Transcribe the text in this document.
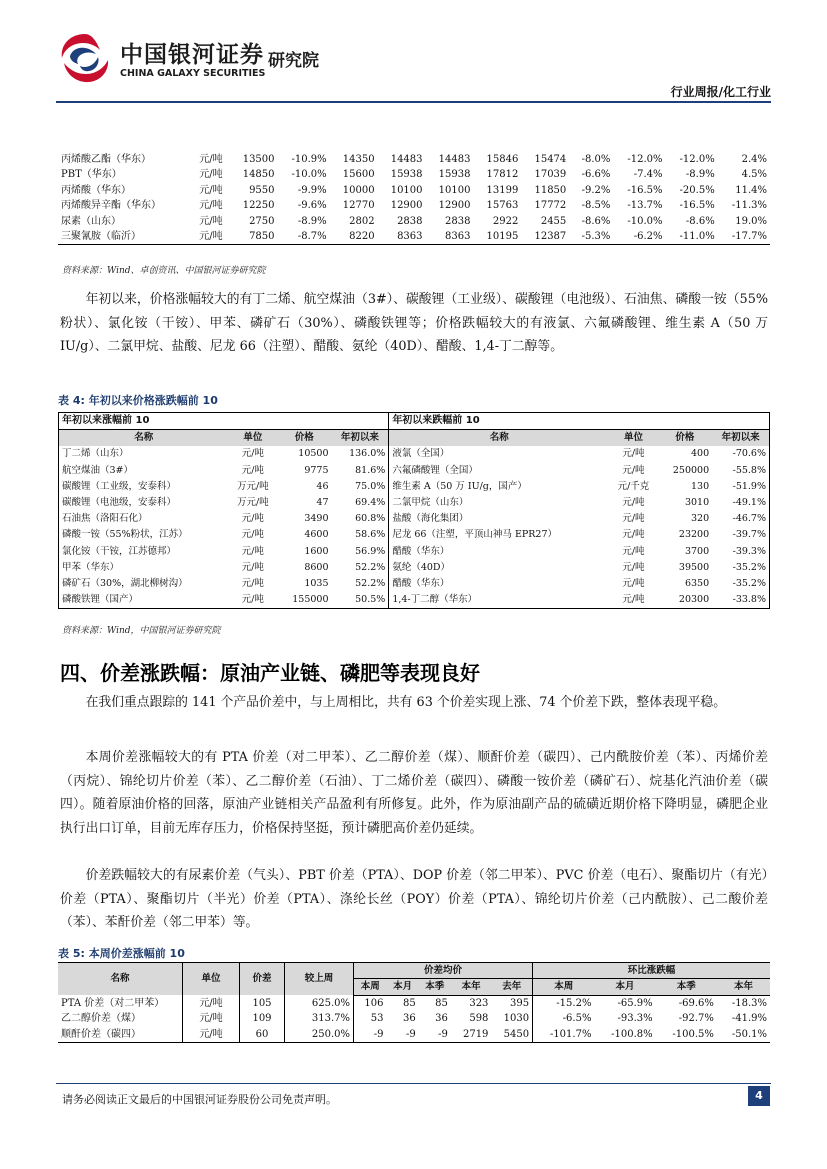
中国银河证券
CHINA GALAXY SECURITIES
研究院
行业周报/化工行业
丙烯酸乙酯（华东）	元/吨	13500	-10.9%	14350	14483	14483	15846	15474	-8.0%	-12.0%	-12.0%	2.4%
PBT（华东）	元/吨	14850	-10.0%	15600	15938	15938	17812	17039	-6.6%	-7.4%	-8.9%	4.5%
丙烯酸（华东）	元/吨	9550	-9.9%	10000	10100	10100	13199	11850	-9.2%	-16.5%	-20.5%	11.4%
丙烯酸异辛酯（华东）	元/吨	12250	-9.6%	12770	12900	12900	15763	17772	-8.5%	-13.7%	-16.5%	-11.3%
尿素（山东）	元/吨	2750	-8.9%	2802	2838	2838	2922	2455	-8.6%	-10.0%	-8.6%	19.0%
三聚氰胺（临沂）	元/吨	7850	-8.7%	8220	8363	8363	10195	12387	-5.3%	-6.2%	-11.0%	-17.7%
资料来源：Wind、卓创资讯、中国银河证券研究院

年初以来，价格涨幅较大的有丁二烯、航空煤油（3#）、碳酸锂（工业级）、碳酸锂（电池级）、石油焦、磷酸一铵（55%粉状）、氯化铵（干铵）、甲苯、磷矿石（30%）、磷酸铁锂等；价格跌幅较大的有液氯、六氟磷酸锂、维生素 A（50 万 IU/g）、二氯甲烷、盐酸、尼龙 66（注塑）、醋酸、氨纶（40D）、醋酸、1,4-丁二醇等。

表 4: 年初以来价格涨跌幅前 10
年初以来涨幅前 10				年初以来跌幅前 10			
名称	单位	价格	年初以来	名称	单位	价格	年初以来
丁二烯（山东）	元/吨	10500	136.0%	液氯（全国）	元/吨	400	-70.6%
航空煤油（3#）	元/吨	9775	81.6%	六氟磷酸锂（全国）	元/吨	250000	-55.8%
碳酸锂（工业级，安泰科）	万元/吨	46	75.0%	维生素 A（50 万 IU/g，国产）	元/千克	130	-51.9%
碳酸锂（电池级，安泰科）	万元/吨	47	69.4%	二氯甲烷（山东）	元/吨	3010	-49.1%
石油焦（洛阳石化）	元/吨	3490	60.8%	盐酸（海化集团）	元/吨	320	-46.7%
磷酸一铵（55%粉状，江苏）	元/吨	4600	58.6%	尼龙 66（注塑，平顶山神马 EPR27）	元/吨	23200	-39.7%
氯化铵（干铵，江苏德邦）	元/吨	1600	56.9%	醋酸（华东）	元/吨	3700	-39.3%
甲苯（华东）	元/吨	8600	52.2%	氨纶（40D）	元/吨	39500	-35.2%
磷矿石（30%，湖北柳树沟）	元/吨	1035	52.2%	醋酸（华东）	元/吨	6350	-35.2%
磷酸铁锂（国产）	元/吨	155000	50.5%	1,4-丁二醇（华东）	元/吨	20300	-33.8%
资料来源：Wind，中国银河证券研究院
四、价差涨跌幅：原油产业链、磷肥等表现良好

在我们重点跟踪的 141 个产品价差中，与上周相比，共有 63 个价差实现上涨、74 个价差下跌，整体表现平稳。

本周价差涨幅较大的有 PTA 价差（对二甲苯）、乙二醇价差（煤）、顺酐价差（碳四）、己内酰胺价差（苯）、丙烯价差（丙烷）、锦纶切片价差（苯）、乙二醇价差（石油）、丁二烯价差（碳四）、磷酸一铵价差（磷矿石）、烷基化汽油价差（碳四）。随着原油价格的回落，原油产业链相关产品盈利有所修复。此外，作为原油副产品的硫磺近期价格下降明显，磷肥企业执行出口订单，目前无库存压力，价格保持坚挺，预计磷肥高价差仍延续。

价差跌幅较大的有尿素价差（气头）、PBT 价差（PTA）、DOP 价差（邻二甲苯）、PVC 价差（电石）、聚酯切片（有光）价差（PTA）、聚酯切片（半光）价差（PTA）、涤纶长丝（POY）价差（PTA）、锦纶切片价差（己内酰胺）、己二酸价差（苯）、苯酐价差（邻二甲苯）等。

表 5: 本周价差涨幅前 10
名称	单位	价差	较上周	价差均价					环比涨跌幅			
				本周	本月	本季	本年	去年	本周	本月	本季	本年
PTA 价差（对二甲苯）	元/吨	105	625.0%	106	85	85	323	395	-15.2%	-65.9%	-69.6%	-18.3%
乙二醇价差（煤）	元/吨	109	313.7%	53	36	36	598	1030	-6.5%	-93.3%	-92.7%	-41.9%
顺酐价差（碳四）	元/吨	60	250.0%	-9	-9	-9	2719	5450	-101.7%	-100.8%	-100.5%	-50.1%
请务必阅读正文最后的中国银河证券股份公司免责声明。	4
